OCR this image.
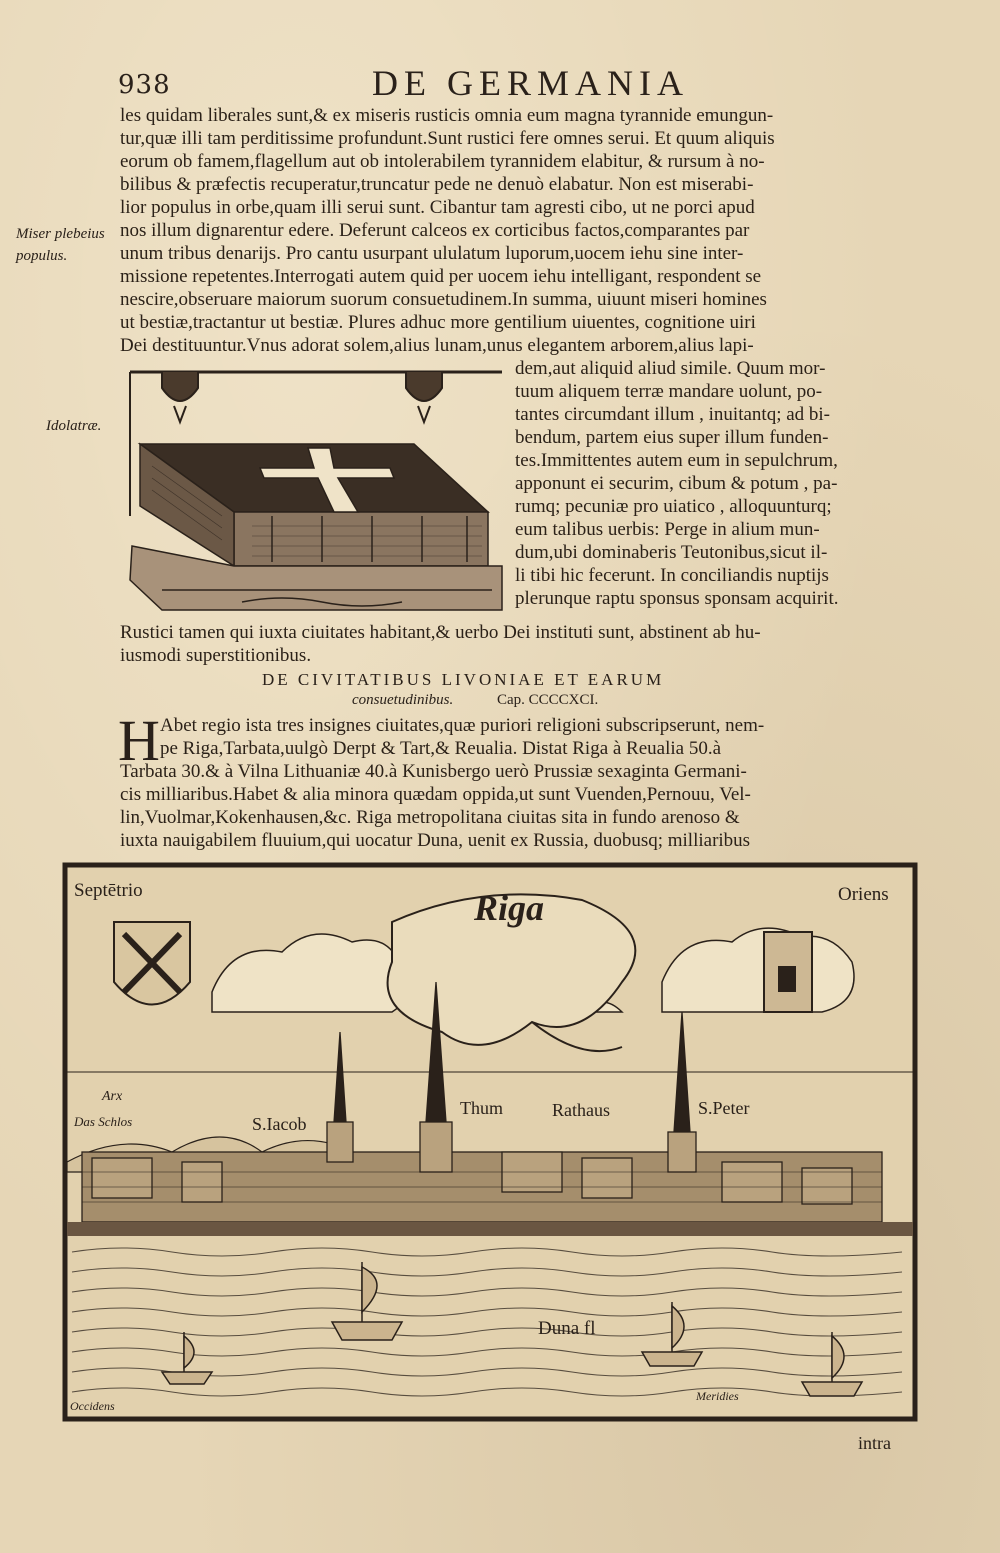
938	DE GERMANIA
Miser plebeius
populus.
Idolatræ.
les quidam liberales sunt,& ex miseris rusticis omnia eum magna tyrannide emungun-
tur,quæ illi tam perditissime profundunt.Sunt rustici fere omnes serui. Et quum aliquis
eorum ob famem,flagellum aut ob intolerabilem tyrannidem elabitur, & rursum à no-
bilibus & præfectis recuperatur,truncatur pede ne denuò elabatur. Non est miserabi-
lior populus in orbe,quam illi serui sunt. Cibantur tam agresti cibo, ut ne porci apud
nos illum dignarentur edere. Deferunt calceos ex corticibus factos,comparantes par
unum tribus denarijs. Pro cantu usurpant ululatum luporum,uocem iehu sine inter-
missione repetentes.Interrogati autem quid per uocem iehu intelligant, respondent se
nescire,obseruare maiorum suorum consuetudinem.In summa, uiuunt miseri homines
ut bestiæ,tractantur ut bestiæ. Plures adhuc more gentilium uiuentes, cognitione uiri
Dei destituuntur.Vnus adorat solem,alius lunam,unus elegantem arborem,alius lapi-
dem,aut aliquid aliud simile. Quum mor-
tuum aliquem terræ mandare uolunt, po-
tantes circumdant illum , inuitantq; ad bi-
bendum, partem eius super illum funden-
tes.Immittentes autem eum in sepulchrum,
apponunt ei securim, cibum & potum , pa-
rumq; pecuniæ pro uiatico , alloquunturq;
eum talibus uerbis: Perge in alium mun-
dum,ubi dominaberis Teutonibus,sicut il-
li tibi hic fecerunt. In conciliandis nuptijs
plerunque raptu sponsus sponsam acquirit.
Rustici tamen qui iuxta ciuitates habitant,& uerbo Dei instituti sunt, abstinent ab hu-
iusmodi superstitionibus.
DE CIVITATIBUS LIVONIAE ET EARUM
consuetudinibus.	Cap. CCCCXCI.
H Abet regio ista tres insignes ciuitates,quæ puriori religioni subscripserunt, nem-
pe Riga,Tarbata,uulgò Derpt & Tart,& Reualia. Distat Riga à Reualia 50.à
Tarbata 30.& à Vilna Lithuaniæ 40.à Kunisbergo uerò Prussiæ sexaginta Germani-
cis milliaribus.Habet & alia minora quædam oppida,ut sunt Vuenden,Pernouu, Vel-
lin,Vuolmar,Kokenhausen,&c. Riga metropolitana ciuitas sita in fundo arenoso &
iuxta nauigabilem fluuium,qui uocatur Duna, uenit ex Russia, duobusq; milliaribus
Riga
Septētrio	Oriens
Occidens
Meridies
Arx
Das Schlos	S.Iacob
Thum	Rathaus	S.Peter
Duna fl
intra
